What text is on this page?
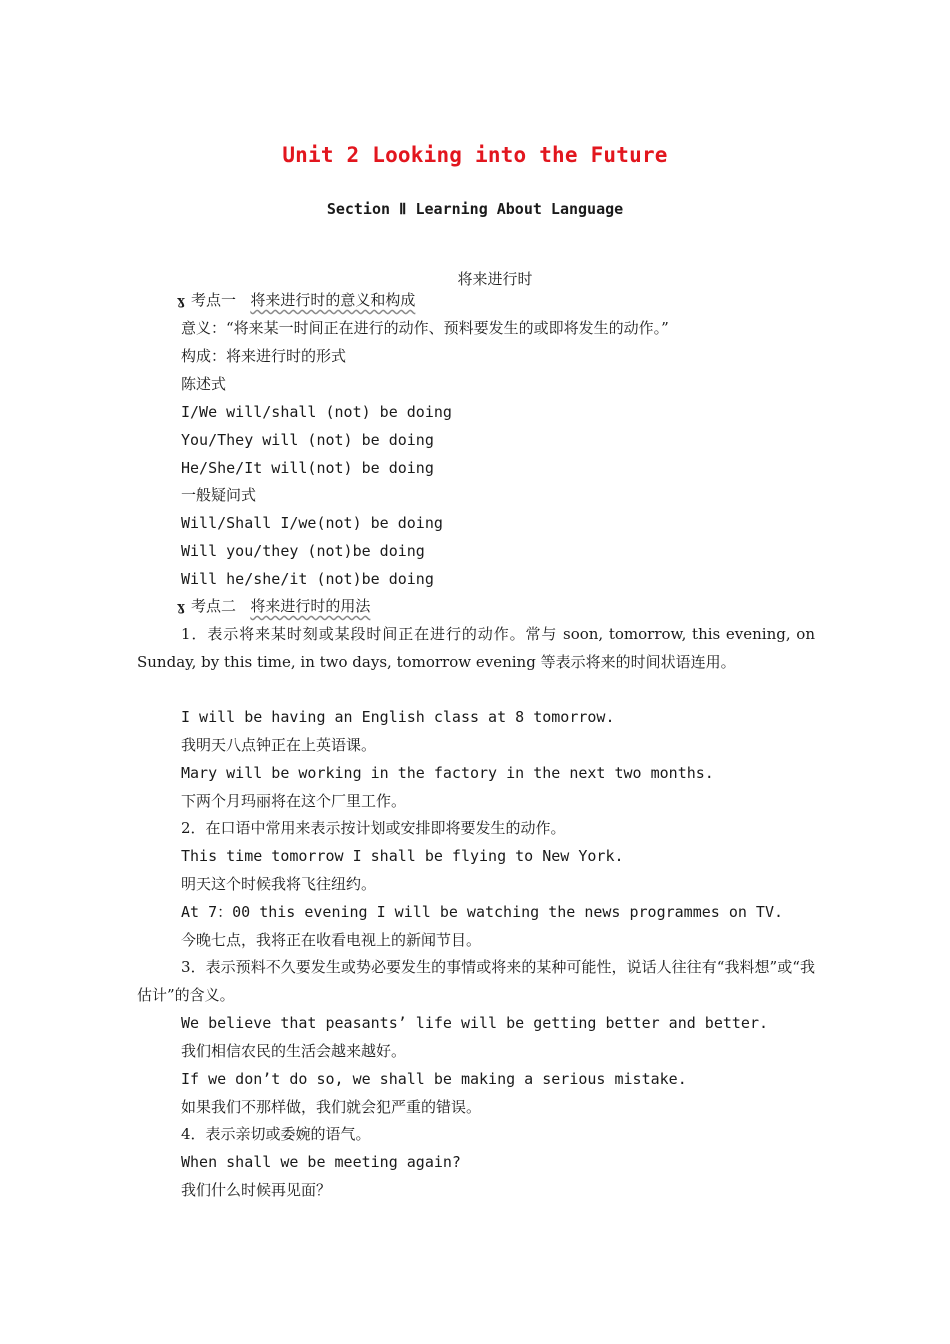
Unit 2 Looking into the Future
Section Ⅱ Learning About Language
将来进行时
ɣ 考点一 将来进行时的意义和构成
意义：“将来某一时间正在进行的动作、预料要发生的或即将发生的动作。”
构成：将来进行时的形式
陈述式
I/We will/shall (not) be doing
You/They will (not) be doing
He/She/It will(not) be doing
一般疑问式
Will/Shall I/we(not) be doing
Will you/they (not)be doing
Will he/she/it (not)be doing
ɣ 考点二 将来进行时的用法
1．表示将来某时刻或某段时间正在进行的动作。常与 soon, tomorrow, this evening, on Sunday, by this time, in two days, tomorrow evening 等表示将来的时间状语连用。
I will be having an English class at 8 tomorrow.
我明天八点钟正在上英语课。
Mary will be working in the factory in the next two months.
下两个月玛丽将在这个厂里工作。
2．在口语中常用来表示按计划或安排即将要发生的动作。
This time tomorrow I shall be flying to New York.
明天这个时候我将飞往纽约。
At 7：00 this evening I will be watching the news programmes on TV.
今晚七点，我将正在收看电视上的新闻节目。
3．表示预料不久要发生或势必要发生的事情或将来的某种可能性，说话人往往有“我料想”或“我估计”的含义。
We believe that peasants’ life will be getting better and better.
我们相信农民的生活会越来越好。
If we don’t do so, we shall be making a serious mistake.
如果我们不那样做，我们就会犯严重的错误。
4．表示亲切或委婉的语气。
When shall we be meeting again?
我们什么时候再见面？
